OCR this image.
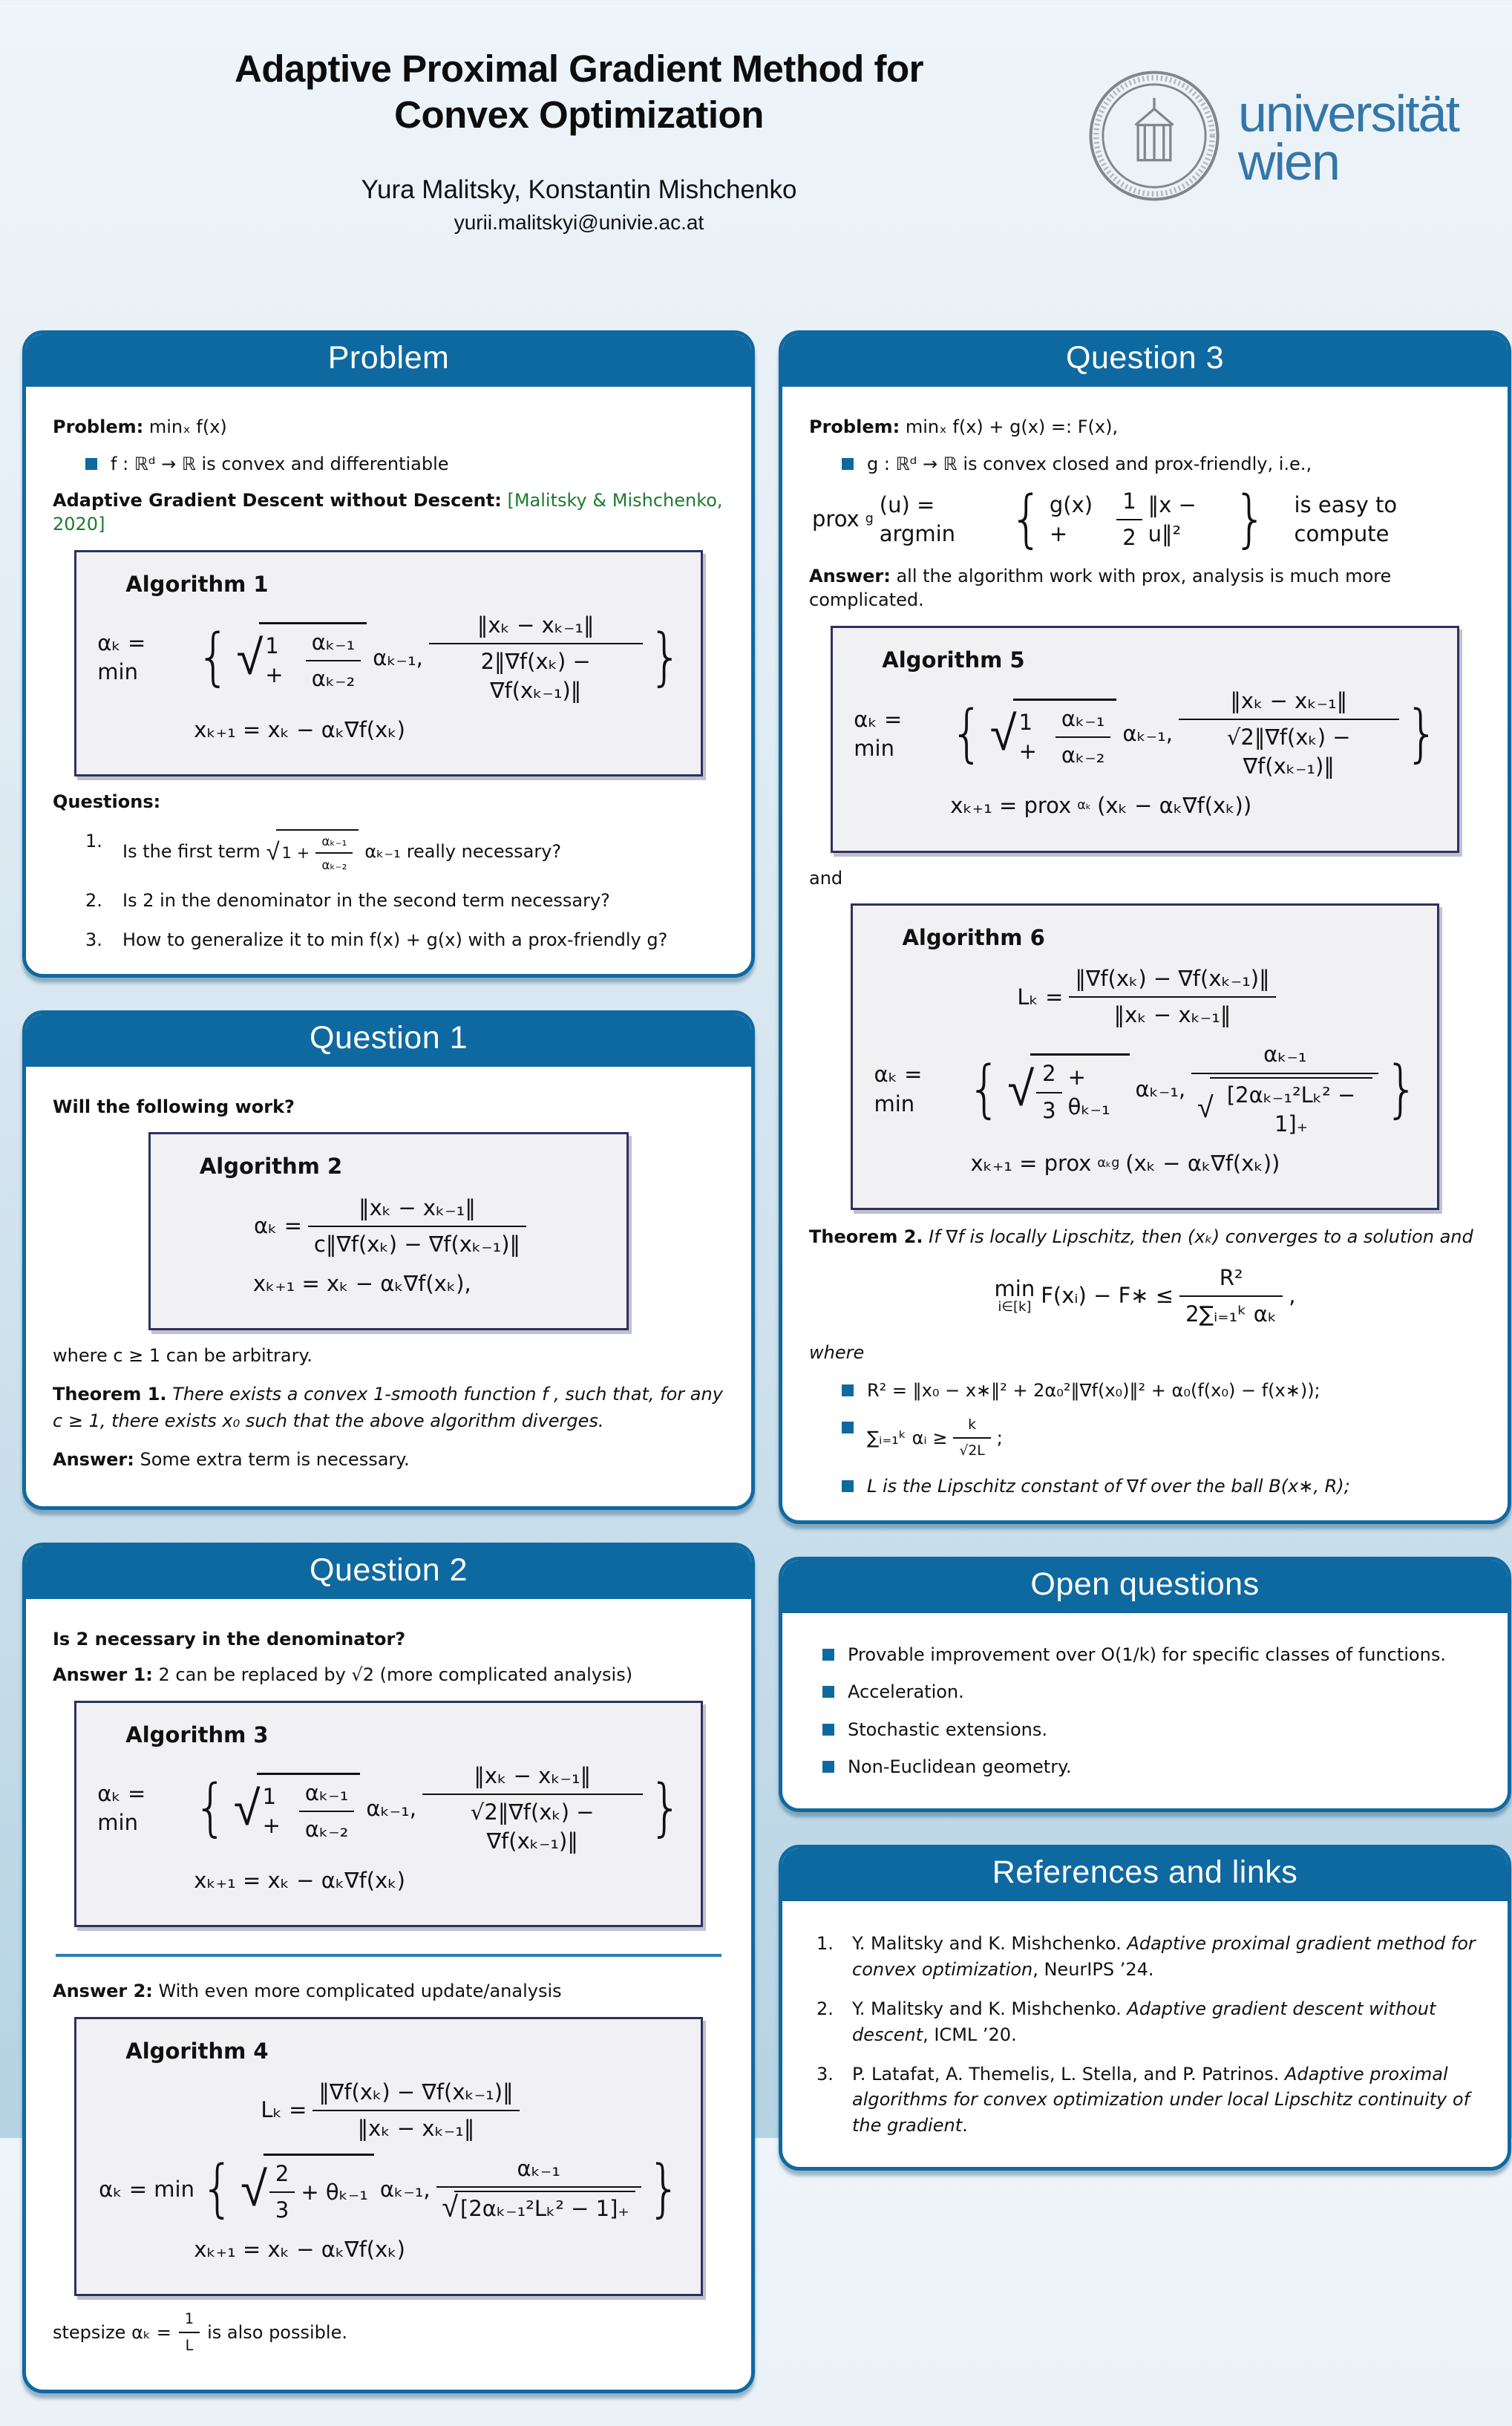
Adaptive Proximal Gradient Method for
Convex Optimization
Yura Malitsky, Konstantin Mishchenko
yurii.malitskyi@univie.ac.at
universität
wien
Problem
Problem: minₓ f(x)
f : ℝᵈ → ℝ is convex and differentiable
Adaptive Gradient Descent without Descent: [Malitsky & Mishchenko, 2020]
Algorithm 1
αₖ = min	{ √ 1 +	$\frac{\text{αₖ₋₁}}{\text{αₖ₋₂}} \alpha_{k-1}$, $\frac{\text{‖xₖ − xₖ₋₁‖}}{\text{2‖∇f(xₖ) − ∇f(xₖ₋₁)‖}}$ }
xₖ₊₁ = xₖ − αₖ∇f(xₖ)
Questions:
1.
Is the first term √ $1 + \frac{\text{αₖ₋₁}}{\text{αₖ₋₂}} \alpha_{k-1}$ really necessary?
2.	Is 2 in the denominator in the second term necessary?
3.	How to generalize it to min f(x) + g(x) with a prox-friendly g?
Question 1
Will the following work?
Algorithm 2
$\alpha_k = \frac{\text{‖xₖ − xₖ₋₁‖}}{\text{c‖∇f(xₖ) − ∇f(xₖ₋₁)‖}}$
xₖ₊₁ = xₖ − αₖ∇f(xₖ),
where c ≥ 1 can be arbitrary.
Theorem 1. There exists a convex 1-smooth function f , such that, for any c ≥ 1, there exists x₀ such that the above algorithm diverges.
Answer: Some extra term is necessary.
Question 2
Is 2 necessary in the denominator?
Answer 1: 2 can be replaced by √2 (more complicated analysis)
Algorithm 3
αₖ = min	{ √ $1 + \frac{\text{αₖ₋₁}}{\text{αₖ₋₂}} \alpha_{k-1}$, $\frac{\text{‖xₖ − xₖ₋₁‖}}{\text{√2‖∇f(xₖ) − ∇f(xₖ₋₁)‖}}$ }
xₖ₊₁ = xₖ − αₖ∇f(xₖ)
Answer 2: With even more complicated update/analysis
Algorithm 4
$L_k = \frac{\text{‖∇f(xₖ) − ∇f(xₖ₋₁)‖}}{\text{‖xₖ − xₖ₋₁‖}}$
αₖ = min { √ $\frac{2}{3} + \theta_{k-1}$ αₖ₋₁, $\frac{\text{αₖ₋₁}}{\text{√ [2αₖ₋₁²Lₖ² − 1]₊}}$ }
xₖ₊₁ = xₖ − αₖ∇f(xₖ)
stepsize $\alpha_k = \frac{1}{L}$ is also possible.
Question 3
Problem: minₓ f(x) + g(x) =: F(x),
g : ℝᵈ → ℝ is convex closed and prox-friendly, i.e.,
prox g
(u) = argmin	{ g(x) +	$\frac{1}{2}$ ‖x − u‖² } is easy to compute
Answer: all the algorithm work with prox, analysis is much more complicated.
Algorithm 5
αₖ = min	{ √ $1 + \frac{\text{αₖ₋₁}}{\text{αₖ₋₂}} \alpha_{k-1}$, $\frac{\text{‖xₖ − xₖ₋₁‖}}{\text{√2‖∇f(xₖ) − ∇f(xₖ₋₁)‖}}$ }
xₖ₊₁ = prox αₖ (xₖ − αₖ∇f(xₖ))
and
Algorithm 6
$L_k = \frac{\text{‖∇f(xₖ) − ∇f(xₖ₋₁)‖}}{\text{‖xₖ − xₖ₋₁‖}}$
αₖ = min { √ $\frac{2}{3} + \theta_{k-1}$
αₖ₋₁, $\frac{\text{αₖ₋₁}}{\text{√ [2αₖ₋₁²Lₖ² − 1]₊}}$ }
xₖ₊₁ = prox αₖg (xₖ − αₖ∇f(xₖ))
Theorem 2. If ∇f is locally Lipschitz, then (xₖ) converges to a solution and
min
i∈[k] F(xᵢ) − F∗ ≤ $\frac{\text{R²}}{\text{2∑ᵢ₌₁ᵏ αₖ}}$ ,
where
R² = ‖x₀ − x∗‖² + 2α₀²‖∇f(x₀)‖² + α₀(f(x₀) − f(x∗));
∑ᵢ₌₁ᵏ αᵢ ≥ $\frac{k}{√2L}$ ;
L is the Lipschitz constant of ∇f over the ball B(x∗, R);
Open questions
Provable improvement over O(1/k) for specific classes of functions.
Acceleration.
Stochastic extensions.
Non-Euclidean geometry.
References and links
1.	Y. Malitsky and K. Mishchenko. Adaptive proximal gradient method for convex optimization, NeurIPS ’24.
2.	Y. Malitsky and K. Mishchenko. Adaptive gradient descent without descent, ICML ’20.
3.	P. Latafat, A. Themelis, L. Stella, and P. Patrinos. Adaptive proximal algorithms for convex optimization under local Lipschitz continuity of the gradient.
